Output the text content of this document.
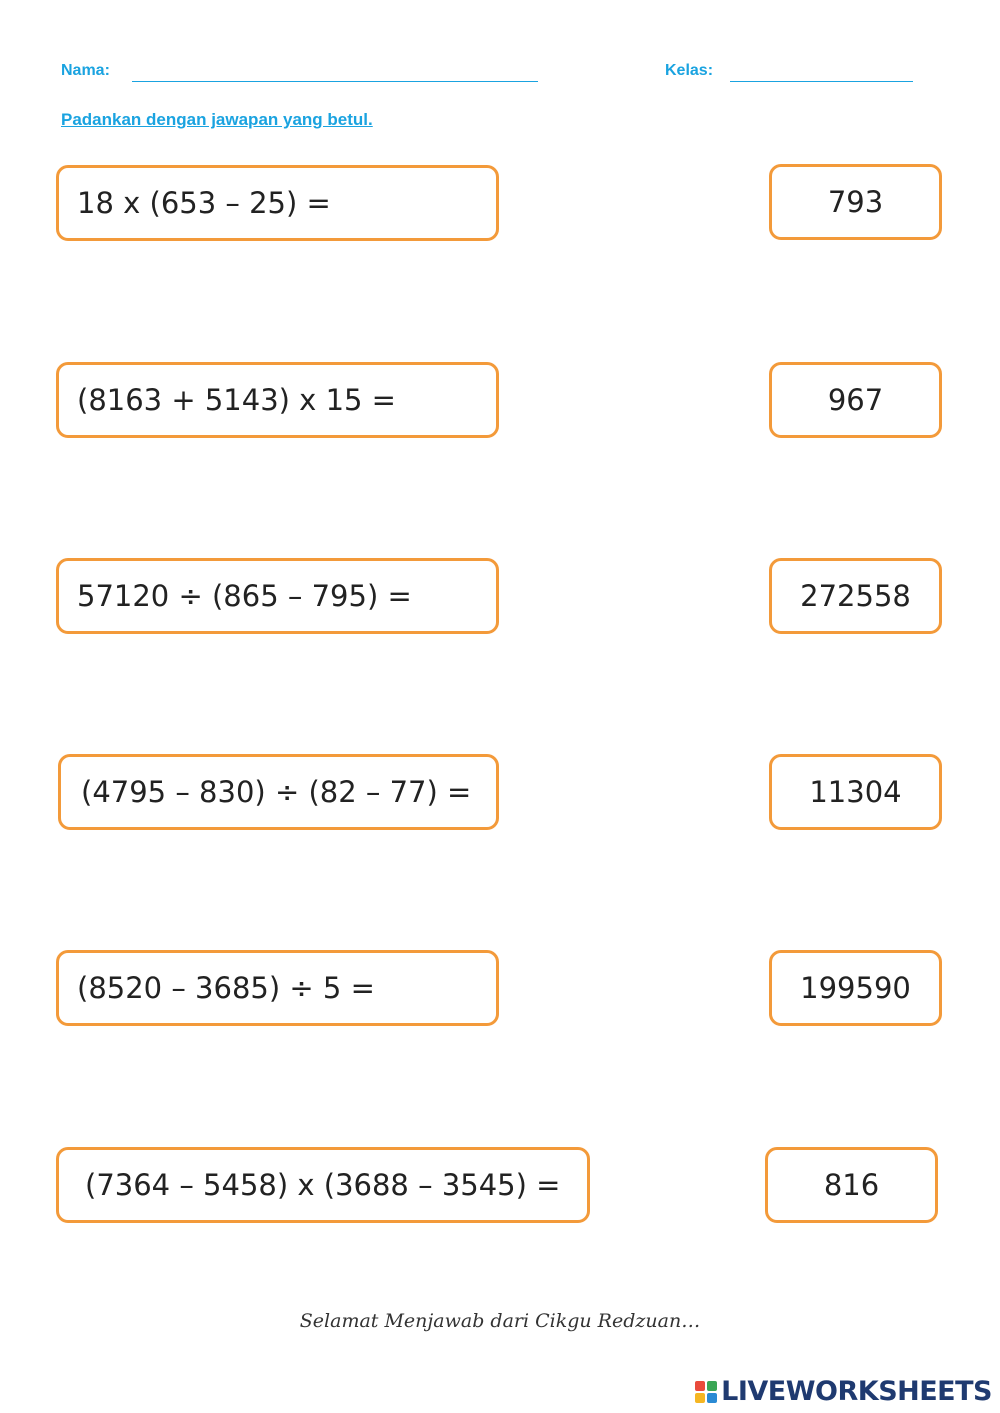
Nama:	Kelas:
Padankan dengan jawapan yang betul.
18 x (653 – 25) =
(8163 + 5143) x 15 =
57120 ÷ (865 – 795) =
(4795 – 830) ÷ (82 – 77) =
(8520 – 3685) ÷ 5 =
(7364 – 5458) x (3688 – 3545) =
793
967
272558
11304
199590
816
Selamat Menjawab dari Cikgu Redzuan…
LIVEWORKSHEETS
